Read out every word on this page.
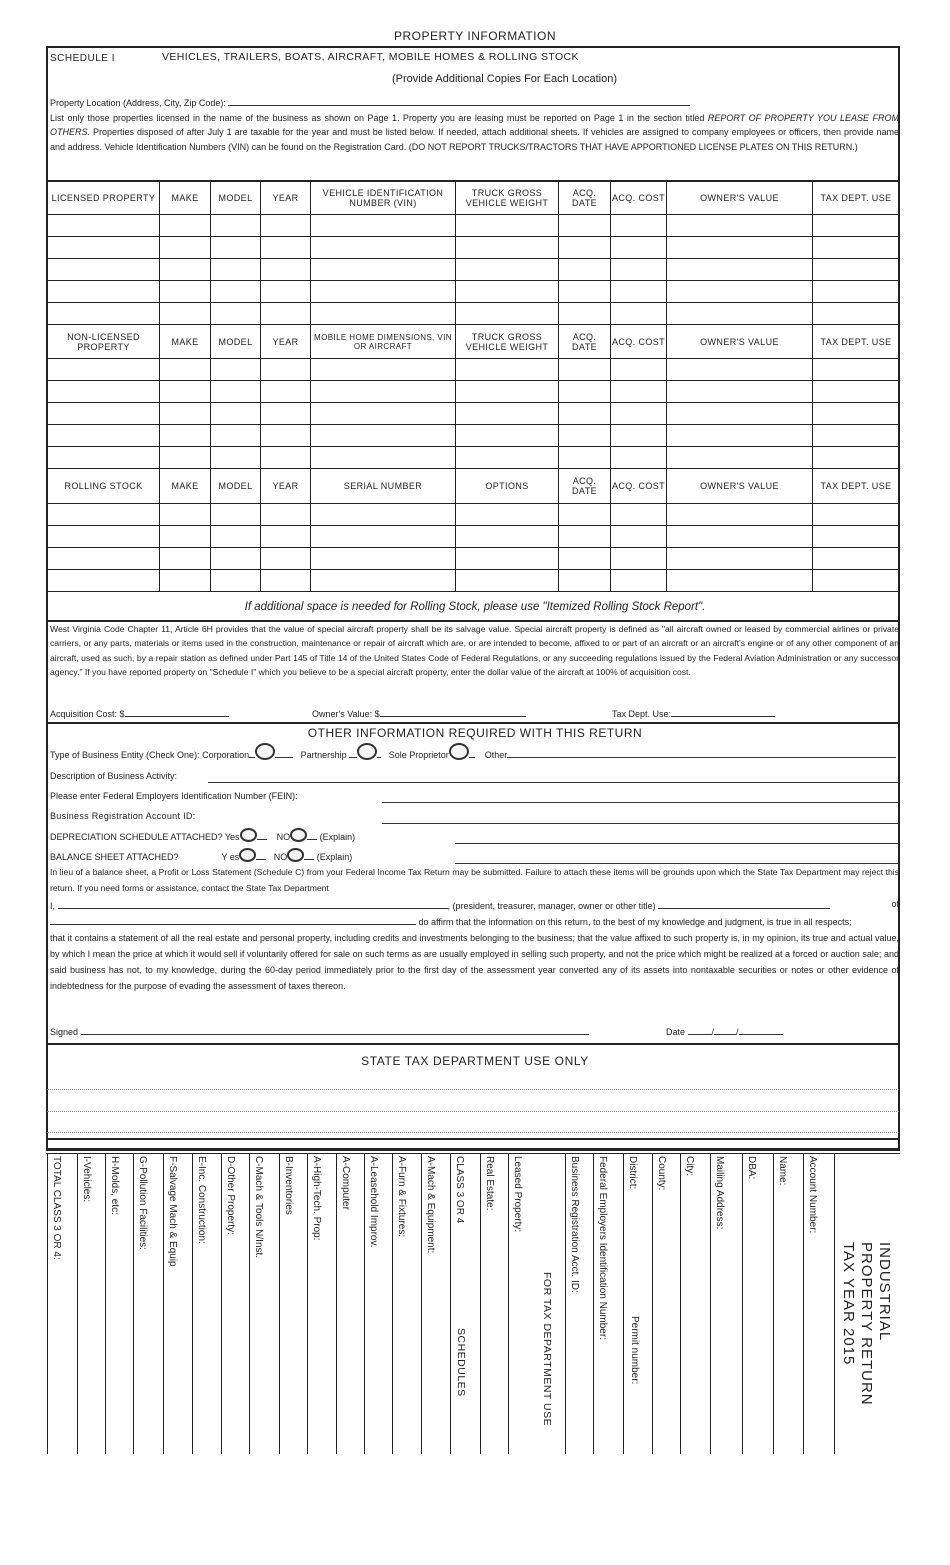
PROPERTY INFORMATION
SCHEDULE I	VEHICLES, TRAILERS, BOATS, AIRCRAFT, MOBILE HOMES & ROLLING STOCK
(Provide Additional Copies For Each Location)
Property Location (Address, City, Zip Code):
List only those properties licensed in the name of the business as shown on Page 1. Property you are leasing must be reported on Page 1 in the section titled REPORT OF PROPERTY YOU LEASE FROM OTHERS. Properties disposed of after July 1 are taxable for the year and must be listed below. If needed, attach additional sheets. If vehicles are assigned to company employees or officers, then provide name and address. Vehicle Identification Numbers (VIN) can be found on the Registration Card. (DO NOT REPORT TRUCKS/TRACTORS THAT HAVE APPORTIONED LICENSE PLATES ON THIS RETURN.)
LICENSED PROPERTY	MAKE	MODEL	YEAR	VEHICLE IDENTIFICATION NUMBER (VIN)	TRUCK GROSS VEHICLE WEIGHT	ACQ. DATE	ACQ. COST	OWNER'S VALUE	TAX DEPT. USE

NON-LICENSED PROPERTY	MAKE	MODEL	YEAR	MOBILE HOME DIMENSIONS, VIN OR AIRCRAFT	TRUCK GROSS VEHICLE WEIGHT	ACQ. DATE	ACQ. COST	OWNER'S VALUE	TAX DEPT. USE

ROLLING STOCK	MAKE	MODEL	YEAR	SERIAL NUMBER	OPTIONS	ACQ. DATE	ACQ. COST	OWNER'S VALUE	TAX DEPT. USE

If additional space is needed for Rolling Stock, please use "Itemized Rolling Stock Report".
West Virginia Code Chapter 11, Article 6H provides that the value of special aircraft property shall be its salvage value. Special aircraft property is defined as "all aircraft owned or leased by commercial airlines or private carriers, or any parts, materials or items used in the construction, maintenance or repair of aircraft which are, or are intended to become, affixed to or part of an aircraft or an aircraft's engine or of any other component of an aircraft, used as such, by a repair station as defined under Part 145 of Title 14 of the United States Code of Federal Regulations, or any succeeding regulations issued by the Federal Aviation Administration or any successor agency." If you have reported property on "Schedule I" which you believe to be a special aircraft property, enter the dollar value of the aircraft at 100% of acquisition cost.
Acquisition Cost: $	Owner's Value: $	Tax Dept. Use:
OTHER INFORMATION REQUIRED WITH THIS RETURN
Type of Business Entity (Check One): Corporation	Partnership	Sole Proprietor	Other
Description of Business Activity:
Please enter Federal Employers Identification Number (FEIN):
Business Registration Account ID:
DEPRECIATION SCHEDULE ATTACHED? Yes	NO	(Explain)
BALANCE SHEET ATTACHED?	Y es	NO	(Explain)
In lieu of a balance sheet, a Profit or Loss Statement (Schedule C) from your Federal Income Tax Return may be submitted. Failure to attach these items will be grounds upon which the State Tax Department may reject this return. If you need forms or assistance, contact the State Tax Department
I,	, (president, treasurer, manager, owner or other title)	of
do affirm that the information on this return, to the best of my knowledge and judgment, is true in all respects;
that it contains a statement of all the real estate and personal property, including credits and investments belonging to the business; that the value affixed to such property is, in my opinion, its true and actual value, by which I mean the price at which it would sell if voluntarily offered for sale on such terms as are usually employed in selling such property, and not the price which might be realized at a forced or auction sale; and said business has not, to my knowledge, during the 60-day period immediately prior to the first day of the assessment year converted any of its assets into nontaxable securities or notes or other evidence of indebtedness for the purpose of evading the assessment of taxes thereon.
Signed	Date	/ /
STATE TAX DEPARTMENT USE ONLY
TOTAL CLASS 3 OR 4: I-Vehicles: H-Molds, etc: G-Pollution Facilities: F-Salvage Mach & Equip E-Inc. Construction: D-Other Property: C-Mach & Tools N/Inst. B-Inventories A-High-Tech. Prop: A-Computer A-Leasehold Improv. A-Furn & Fixtures: A-Mach & Equipment: CLASS 3 OR 4 Real Estate: Leased Property:
FOR TAX DEPARTMENT USE
Business Registration Acct. ID: Federal Employers Identification Number: District: County: City: Mailing Address: DBA: Name: Account Number:
INDUSTRIAL
PROPERTY RETURN
TAX YEAR 2015
SCHEDULES	Permit number:
